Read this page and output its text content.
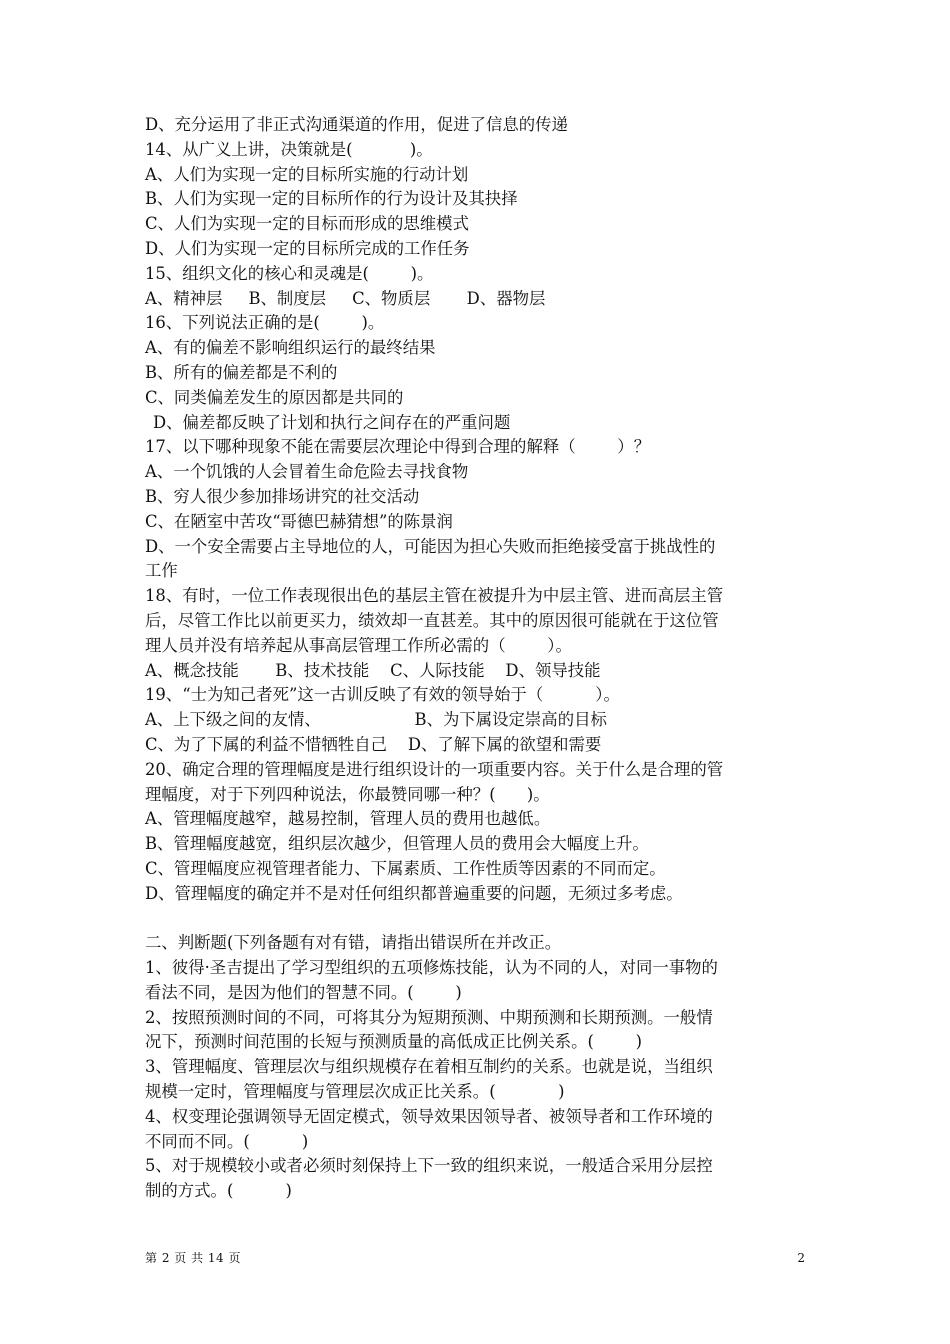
D、充分运用了非正式沟通渠道的作用，促进了信息的传递
14、从广义上讲，决策就是(           )。
A、人们为实现一定的目标所实施的行动计划
B、人们为实现一定的目标所作的行为设计及其抉择
C、人们为实现一定的目标而形成的思维模式
D、人们为实现一定的目标所完成的工作任务
15、组织文化的核心和灵魂是(        )。
A、精神层     B、制度层     C、物质层       D、器物层
16、下列说法正确的是(        )。
A、有的偏差不影响组织运行的最终结果
B、所有的偏差都是不利的
C、同类偏差发生的原因都是共同的
D、偏差都反映了计划和执行之间存在的严重问题
17、以下哪种现象不能在需要层次理论中得到合理的解释（        ）？
A、一个饥饿的人会冒着生命危险去寻找食物
B、穷人很少参加排场讲究的社交活动
C、在陋室中苦攻“哥德巴赫猜想”的陈景润
D、一个安全需要占主导地位的人，可能因为担心失败而拒绝接受富于挑战性的
工作
18、有时，一位工作表现很出色的基层主管在被提升为中层主管、进而高层主管
后，尽管工作比以前更买力，绩效却一直甚差。其中的原因很可能就在于这位管
理人员并没有培养起从事高层管理工作所必需的（        ）。
A、概念技能       B、技术技能    C、人际技能    D、领导技能
19、“士为知己者死”这一古训反映了有效的领导始于（          ）。
A、上下级之间的友情、                  B、为下属设定崇高的目标
C、为了下属的利益不惜牺牲自己    D、了解下属的欲望和需要
20、确定合理的管理幅度是进行组织设计的一项重要内容。关于什么是合理的管
理幅度，对于下列四种说法，你最赞同哪一种？(      )。
A、管理幅度越窄，越易控制，管理人员的费用也越低。
B、管理幅度越宽，组织层次越少，但管理人员的费用会大幅度上升。
C、管理幅度应视管理者能力、下属素质、工作性质等因素的不同而定。
D、管理幅度的确定并不是对任何组织都普遍重要的问题，无须过多考虑。
二、判断题(下列备题有对有错，请指出错误所在并改正。
1、彼得·圣吉提出了学习型组织的五项修炼技能，认为不同的人，对同一事物的
看法不同，是因为他们的智慧不同。(        )
2、按照预测时间的不同，可将其分为短期预测、中期预测和长期预测。一般情
况下，预测时间范围的长短与预测质量的高低成正比例关系。(        )
3、管理幅度、管理层次与组织规模存在着相互制约的关系。也就是说，当组织
规模一定时，管理幅度与管理层次成正比关系。(            )
4、权变理论强调领导无固定模式，领导效果因领导者、被领导者和工作环境的
不同而不同。(          )
5、对于规模较小或者必须时刻保持上下一致的组织来说，一般适合采用分层控
制的方式。(          )
第 2 页 共 14 页	2
